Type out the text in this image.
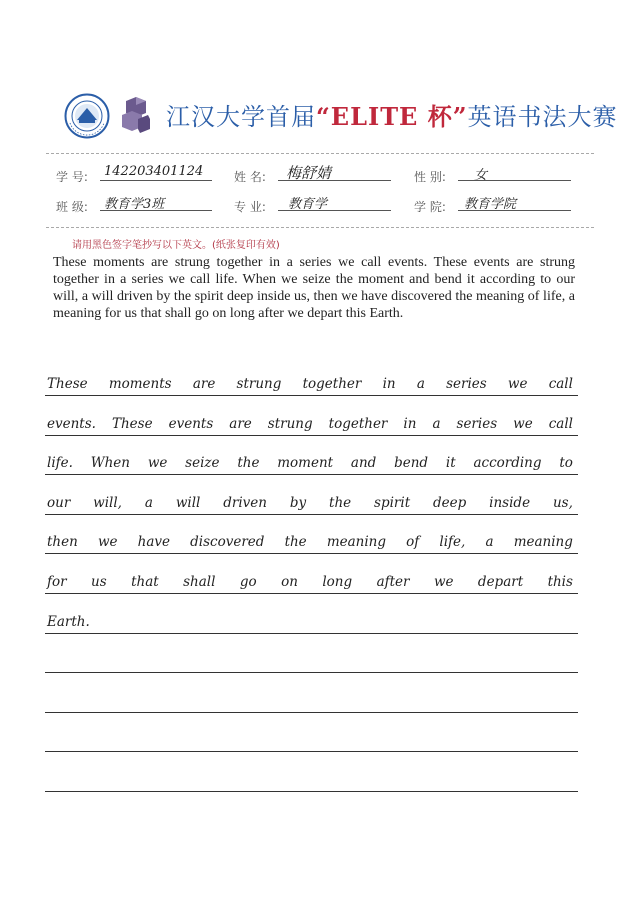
江汉大学首届“ELITE 杯”英语书法大赛
学 号: 142203401124	姓 名: 梅舒婧	性 别: 女
班 级: 教育学3班	专 业: 教育学	学 院: 教育学院
请用黑色签字笔抄写以下英文。(纸张复印有效)
These moments are strung together in a series we call events. These events are strung together in a series we call life. When we seize the moment and bend it according to our will, a will driven by the spirit deep inside us, then we have discovered the meaning of life, a meaning for us that shall go on long after we depart this Earth.
These moments are strung together in a series we call
events. These events are strung together in a series we call
life. When we seize the moment and bend it according to
our will, a will driven by the spirit deep inside us,
then we have discovered the meaning of life, a meaning
for us that shall go on long after we depart this
Earth.
